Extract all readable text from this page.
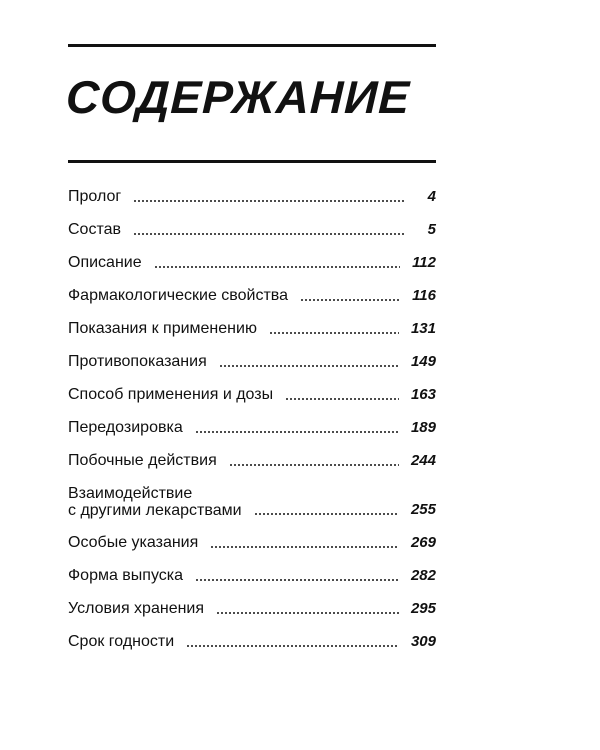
СОДЕРЖАНИЕ
Пролог	4
Состав	5
Описание	112
Фармакологические свойства	116
Показания к применению	131
Противопоказания	149
Способ применения и дозы	163
Передозировка	189
Побочные действия	244
Взаимодействие
с другими лекарствами	255
Особые указания	269
Форма выпуска	282
Условия хранения	295
Срок годности	309
